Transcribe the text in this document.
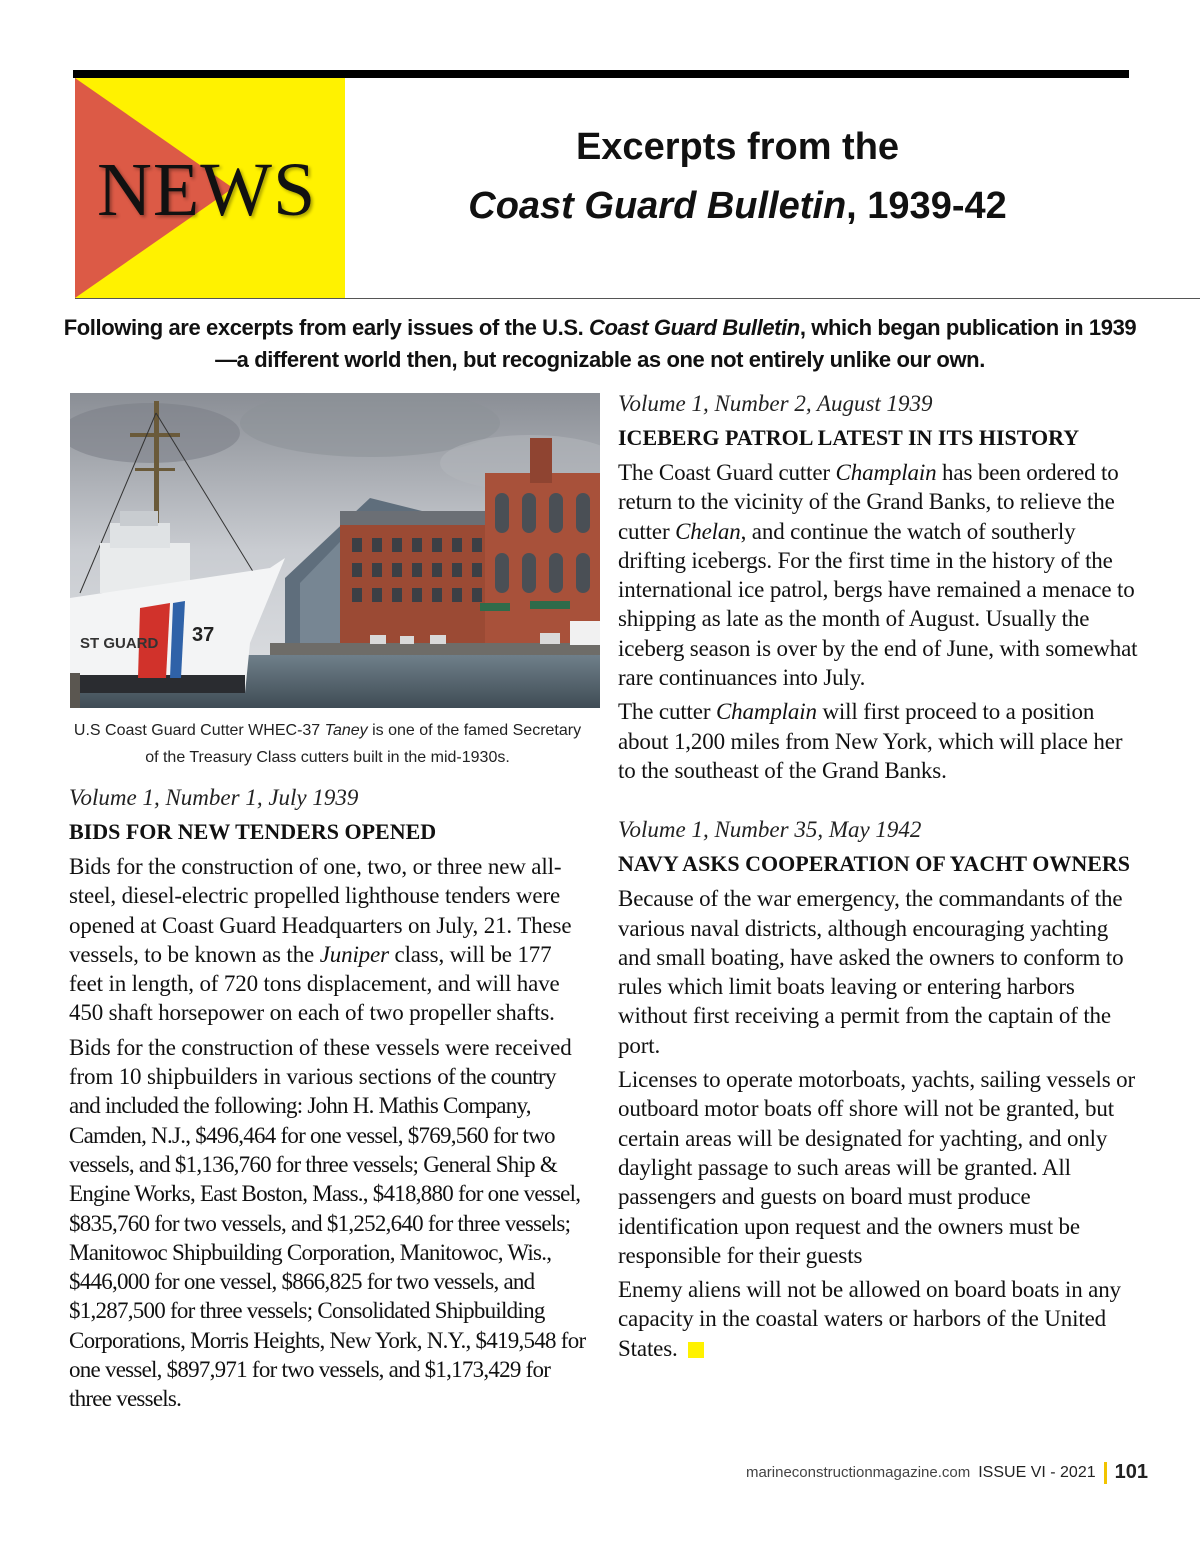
NEWS
Excerpts from the
Coast Guard Bulletin, 1939-42
Following are excerpts from early issues of the U.S. Coast Guard Bulletin, which began publication in 1939—a different world then, but recognizable as one not entirely unlike our own.
ST GUARD 37
U.S Coast Guard Cutter WHEC-37 Taney is one of the famed Secretary of the Treasury Class cutters built in the mid-1930s.
Volume 1, Number 1, July 1939
BIDS FOR NEW TENDERS OPENED
Bids for the construction of one, two, or three new all-steel, diesel-electric propelled lighthouse tenders were opened at Coast Guard Headquarters on July, 21. These vessels, to be known as the Juniper class, will be 177 feet in length, of 720 tons displacement, and will have 450 shaft horsepower on each of two propeller shafts.
Bids for the construction of these vessels were received from 10 shipbuilders in various sections of the country and included the following: John H. Mathis Company, Camden, N.J., $496,464 for one vessel, $769,560 for two vessels, and $1,136,760 for three vessels; General Ship & Engine Works, East Boston, Mass., $418,880 for one vessel, $835,760 for two vessels, and $1,252,640 for three vessels; Manitowoc Shipbuilding Corporation, Manitowoc, Wis., $446,000 for one vessel, $866,825 for two vessels, and $1,287,500 for three vessels; Consolidated Shipbuilding Corporations, Morris Heights, New York, N.Y., $419,548 for one vessel, $897,971 for two vessels, and $1,173,429 for three vessels.
Volume 1, Number 2, August 1939
ICEBERG PATROL LATEST IN ITS HISTORY
The Coast Guard cutter Champlain has been ordered to return to the vicinity of the Grand Banks, to relieve the cutter Chelan, and continue the watch of southerly drifting icebergs. For the first time in the history of the international ice patrol, bergs have remained a menace to shipping as late as the month of August. Usually the iceberg season is over by the end of June, with somewhat rare continuances into July.
The cutter Champlain will first proceed to a position about 1,200 miles from New York, which will place her to the southeast of the Grand Banks.
Volume 1, Number 35, May 1942
NAVY ASKS COOPERATION OF YACHT OWNERS
Because of the war emergency, the commandants of the various naval districts, although encouraging yachting and small boating, have asked the owners to conform to rules which limit boats leaving or entering harbors without first receiving a permit from the captain of the port.
Licenses to operate motorboats, yachts, sailing vessels or outboard motor boats off shore will not be granted, but certain areas will be designated for yachting, and only daylight passage to such areas will be granted. All passengers and guests on board must produce identification upon request and the owners must be responsible for their guests
Enemy aliens will not be allowed on board boats in any capacity in the coastal waters or harbors of the United States.
marineconstructionmagazine.com ISSUE VI - 2021 101
